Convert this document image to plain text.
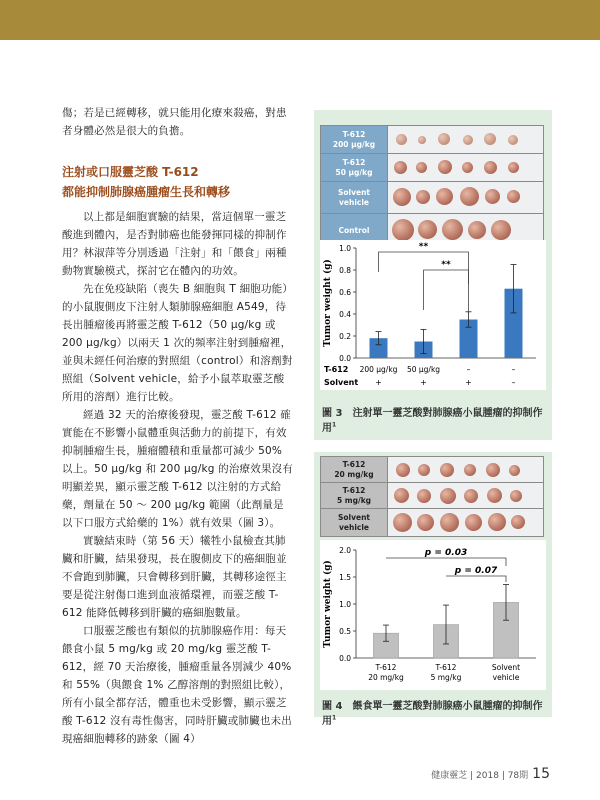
傷；若是已經轉移，就只能用化療來殺癌，對患者身體必然是很大的負擔。

注射或口服靈芝酸 T-612
都能抑制肺腺癌腫瘤生長和轉移

以上都是細胞實驗的結果，當這個單一靈芝酸進到體內，是否對肺癌也能發揮同樣的抑制作用？林淑萍等分別透過「注射」和「餵食」兩種動物實驗模式，探討它在體內的功效。

先在免疫缺陷（喪失 B 細胞與 T 細胞功能）的小鼠腹側皮下注射人類肺腺癌細胞 A549，待長出腫瘤後再將靈芝酸 T-612（50 μg/kg 或 200 μg/kg）以兩天 1 次的頻率注射到腫瘤裡，並與未經任何治療的對照組（control）和溶劑對照組（Solvent vehicle，給予小鼠萃取靈芝酸所用的溶劑）進行比較。

經過 32 天的治療後發現，靈芝酸 T-612 確實能在不影響小鼠體重與活動力的前提下，有效抑制腫瘤生長，腫瘤體積和重量都可減少 50% 以上。50 μg/kg 和 200 μg/kg 的治療效果沒有明顯差異，顯示靈芝酸 T-612 以注射的方式給藥，劑量在 50 ～ 200 μg/kg 範圍（此劑量是以下口服方式給藥的 1%）就有效果（圖 3）。

實驗結束時（第 56 天）犧牲小鼠檢查其肺臟和肝臟，結果發現，長在腹側皮下的癌細胞並不會跑到肺臟，只會轉移到肝臟，其轉移途徑主要是從注射傷口進到血液循環裡，而靈芝酸 T-612 能降低轉移到肝臟的癌細胞數量。

口服靈芝酸也有類似的抗肺腺癌作用：每天餵食小鼠 5 mg/kg 或 20 mg/kg 靈芝酸 T-612，經 70 天治療後，腫瘤重量各別減少 40% 和 55%（與餵食 1% 乙醇溶劑的對照組比較），所有小鼠全都存活，體重也未受影響，顯示靈芝酸 T-612 沒有毒性傷害，同時肝臟或肺臟也未出現癌細胞轉移的跡象（圖 4）

T-612
200 μg/kg	

T-612
50 μg/kg	

Solvent vehicle	

Control	
Tumor weight (g)
0.0
0.2
0.4
0.6
0.8
1.0	**
**
T-612
Solvent
200 μg/kg 50 μg/kg	–	–
+	+	+	–
圖 3　注射單一靈芝酸對肺腺癌小鼠腫瘤的抑制作用$^1$
T-612
20 mg/kg	

T-612
5 mg/kg	

Solvent vehicle	
Tumor weight (g)
0.0
0.5
1.0
1.5
2.0	p = 0.03
p = 0.07
T-612
20 mg/kg
T-612
5 mg/kg
Solvent
vehicle
圖 4　餵食單一靈芝酸對肺腺癌小鼠腫瘤的抑制作用$^1$
健康靈芝 | 2018 | 78期 15
